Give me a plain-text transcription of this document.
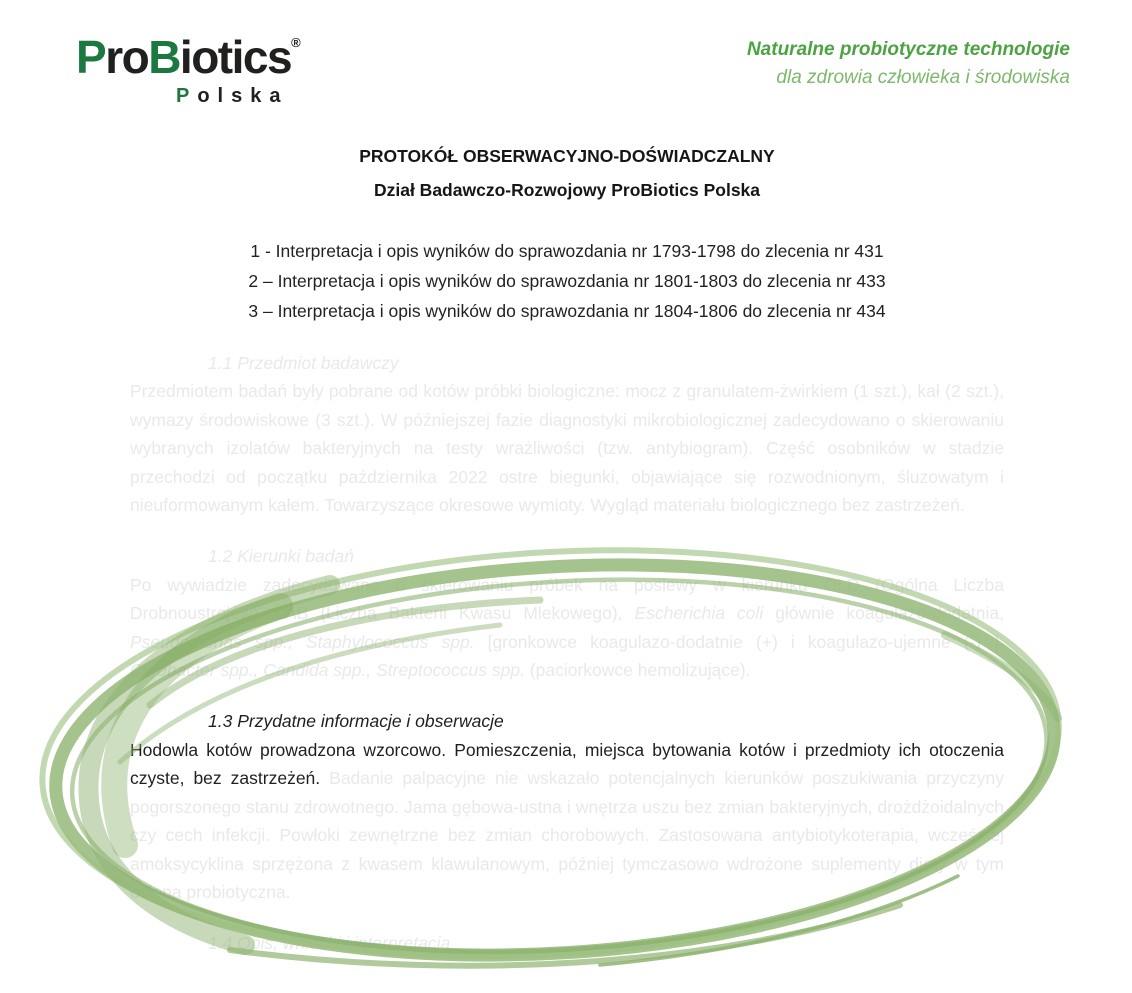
ProBiotics®
Polska
Naturalne probiotyczne technologie
dla zdrowia człowieka i środowiska
PROTOKÓŁ OBSERWACYJNO-DOŚWIADCZALNY
Dział Badawczo-Rozwojowy ProBiotics Polska
1 - Interpretacja i opis wyników do sprawozdania nr 1793-1798 do zlecenia nr 431
2 – Interpretacja i opis wyników do sprawozdania nr 1801-1803 do zlecenia nr 433
3 – Interpretacja i opis wyników do sprawozdania nr 1804-1806 do zlecenia nr 434

1.1 Przedmiot badawczy

Przedmiotem badań były pobrane od kotów próbki biologiczne: mocz z granulatem-żwirkiem (1 szt.), kał (2 szt.), wymazy środowiskowe (3 szt.). W późniejszej fazie diagnostyki mikrobiologicznej zadecydowano o skierowaniu wybranych izolatów bakteryjnych na testy wrażliwości (tzw. antybiogram). Część osobników w stadzie przechodzi od początku października 2022 ostre biegunki, objawiające się rozwodnionym, śluzowatym i nieuformowanym kałem. Towarzyszące okresowe wymioty. Wygląd materiału biologicznego bez zastrzeżeń.

1.2 Kierunki badań

Po wywiadzie zadecydowano o skierowaniu próbek na posiewy w kierunku OLD (Ogólna Liczba Drobnoustrojów), LAB (Liczba Bakterii Kwasu Mlekowego), Escherichia coli głównie koagulazo-dodatnia, Pseudomonas spp., Staphylococcus spp. [gronkowce koagulazo-dodatnie (+) i koagulazo-ujemne (-) ], Citrobacter spp., Candida spp., Streptococcus spp. (paciorkowce hemolizujące).

1.3 Przydatne informacje i obserwacje

Hodowla kotów prowadzona wzorcowo. Pomieszczenia, miejsca bytowania kotów i przedmioty ich otoczenia czyste, bez zastrzeżeń. Badanie palpacyjne nie wskazało potencjalnych kierunków poszukiwania przyczyny pogorszonego stanu zdrowotnego. Jama gębowa-ustna i wnętrza uszu bez zmian bakteryjnych, drożdżoidalnych czy cech infekcji. Powłoki zewnętrzne bez zmian chorobowych. Zastosowana antybiotykoterapia, wcześniej amoksycyklina sprzężona z kwasem klawulanowym, później tymczasowo wdrożone suplementy diety w tym osłona probiotyczna.

1.4 Opis, wnioski i interpretacja
